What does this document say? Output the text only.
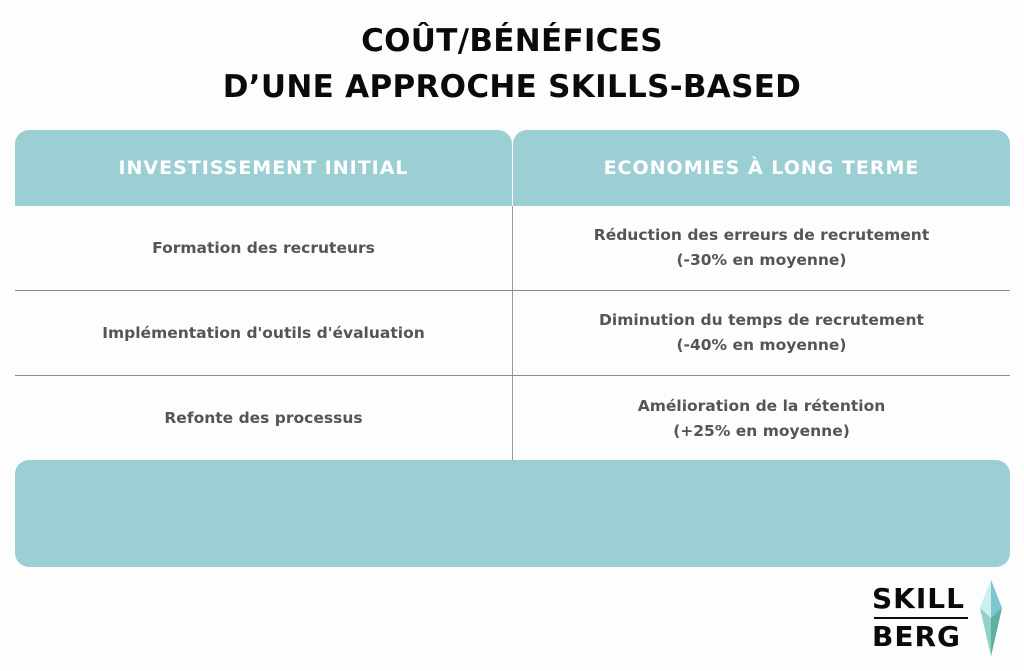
COÛT/BÉNÉFICES
D’UNE APPROCHE SKILLS-BASED
INVESTISSEMENT INITIAL	ECONOMIES À LONG TERME
Formation des recruteurs
Réduction des erreurs de recrutement
(-30% en moyenne)
Implémentation d'outils d'évaluation
Diminution du temps de recrutement
(-40% en moyenne)
Refonte des processus
Amélioration de la rétention
(+25% en moyenne)
SKILL
BERG
